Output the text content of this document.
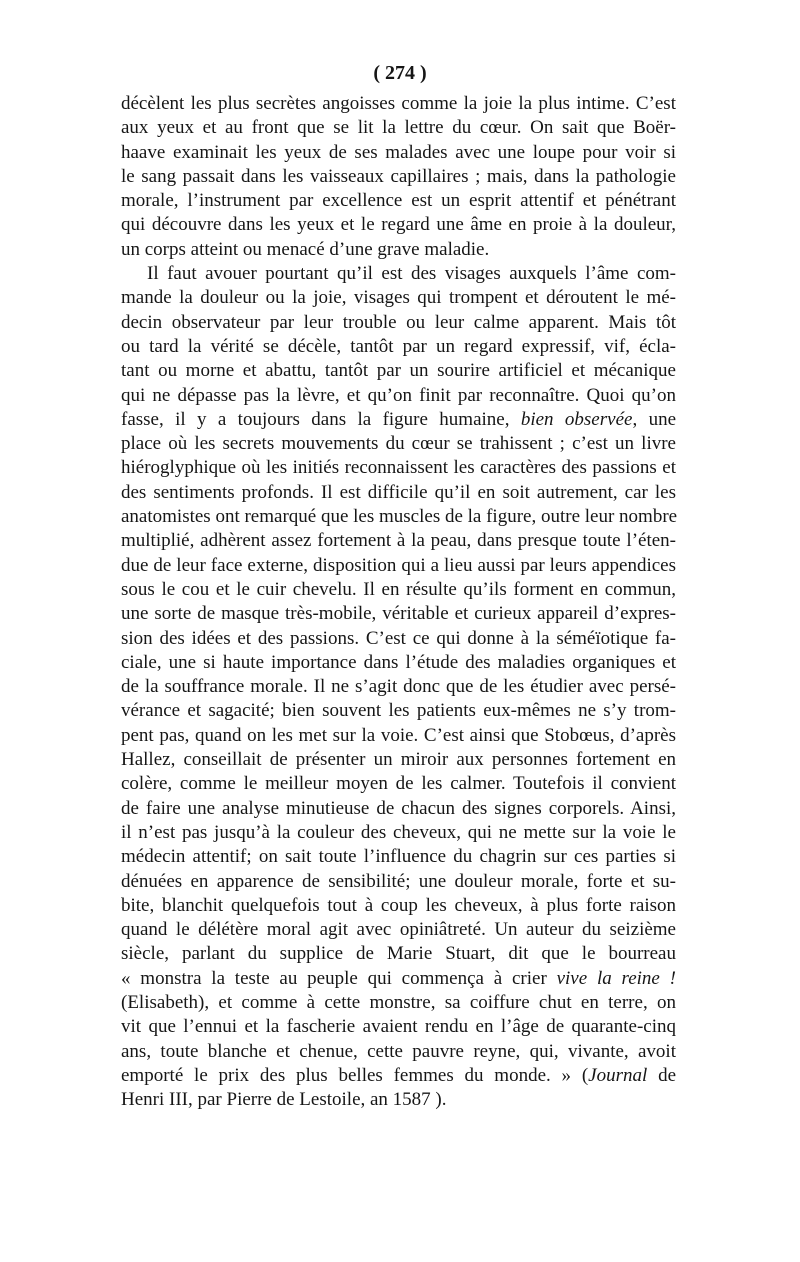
( 274 )
décèlent les plus secrètes angoisses comme la joie la plus intime. C’est
aux yeux et au front que se lit la lettre du cœur. On sait que Boër-
haave examinait les yeux de ses malades avec une loupe pour voir si
le sang passait dans les vaisseaux capillaires ; mais, dans la pathologie
morale, l’instrument par excellence est un esprit attentif et pénétrant
qui découvre dans les yeux et le regard une âme en proie à la douleur,
un corps atteint ou menacé d’une grave maladie.
Il faut avouer pourtant qu’il est des visages auxquels l’âme com-
mande la douleur ou la joie, visages qui trompent et déroutent le mé-
decin observateur par leur trouble ou leur calme apparent. Mais tôt
ou tard la vérité se décèle, tantôt par un regard expressif, vif, écla-
tant ou morne et abattu, tantôt par un sourire artificiel et mécanique
qui ne dépasse pas la lèvre, et qu’on finit par reconnaître. Quoi qu’on
fasse, il y a toujours dans la figure humaine, bien observée, une
place où les secrets mouvements du cœur se trahissent ; c’est un livre
hiéroglyphique où les initiés reconnaissent les caractères des passions et
des sentiments profonds. Il est difficile qu’il en soit autrement, car les
anatomistes ont remarqué que les muscles de la figure, outre leur nombre
multiplié, adhèrent assez fortement à la peau, dans presque toute l’éten-
due de leur face externe, disposition qui a lieu aussi par leurs appendices
sous le cou et le cuir chevelu. Il en résulte qu’ils forment en commun,
une sorte de masque très-mobile, véritable et curieux appareil d’expres-
sion des idées et des passions. C’est ce qui donne à la séméïotique fa-
ciale, une si haute importance dans l’étude des maladies organiques et
de la souffrance morale. Il ne s’agit donc que de les étudier avec persé-
vérance et sagacité; bien souvent les patients eux-mêmes ne s’y trom-
pent pas, quand on les met sur la voie. C’est ainsi que Stobœus, d’après
Hallez, conseillait de présenter un miroir aux personnes fortement en
colère, comme le meilleur moyen de les calmer. Toutefois il convient
de faire une analyse minutieuse de chacun des signes corporels. Ainsi,
il n’est pas jusqu’à la couleur des cheveux, qui ne mette sur la voie le
médecin attentif; on sait toute l’influence du chagrin sur ces parties si
dénuées en apparence de sensibilité; une douleur morale, forte et su-
bite, blanchit quelquefois tout à coup les cheveux, à plus forte raison
quand le délétère moral agit avec opiniâtreté. Un auteur du seizième
siècle, parlant du supplice de Marie Stuart, dit que le bourreau
« monstra la teste au peuple qui commença à crier vive la reine !
(Elisabeth), et comme à cette monstre, sa coiffure chut en terre, on
vit que l’ennui et la fascherie avaient rendu en l’âge de quarante-cinq
ans, toute blanche et chenue, cette pauvre reyne, qui, vivante, avoit
emporté le prix des plus belles femmes du monde. » (Journal de
Henri III, par Pierre de Lestoile, an 1587 ).
